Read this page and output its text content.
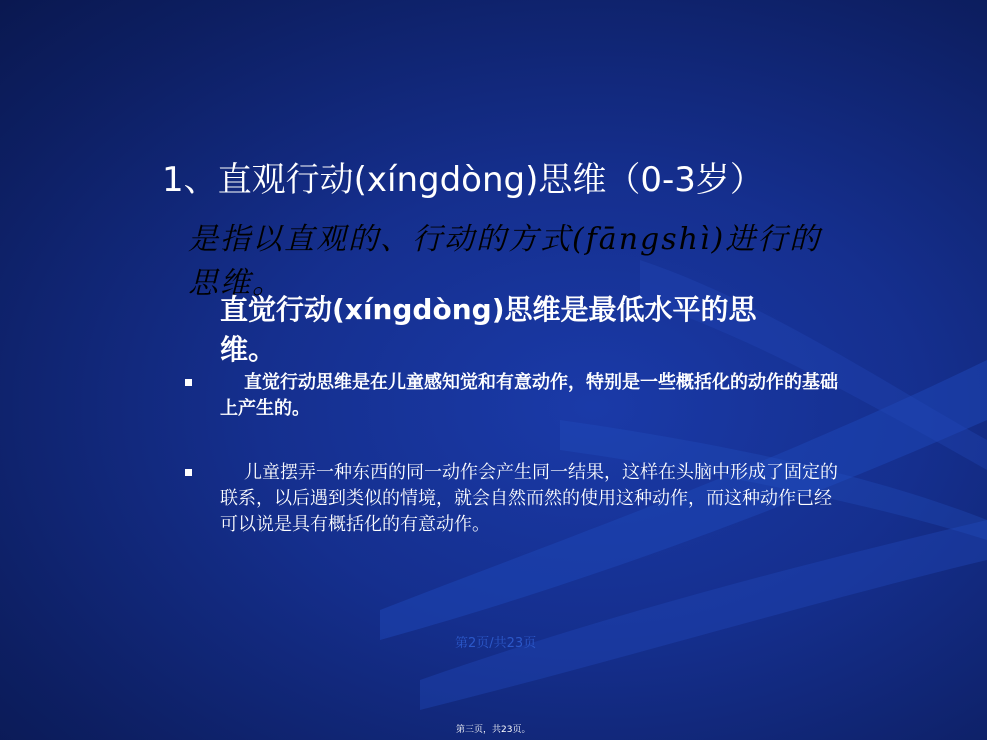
1、直观行动(xíngdòng)思维（0-3岁）
是指以直观的、行动的方式(fāngshì)进行的思维。
直觉行动(xíngdòng)思维是最低水平的思维。
直觉行动思维是在儿童感知觉和有意动作，特别是一些概括化的动作的基础上产生的。
儿童摆弄一种东西的同一动作会产生同一结果，这样在头脑中形成了固定的联系，以后遇到类似的情境，就会自然而然的使用这种动作，而这种动作已经可以说是具有概括化的有意动作。
第2页/共23页
第三页，共23页。
